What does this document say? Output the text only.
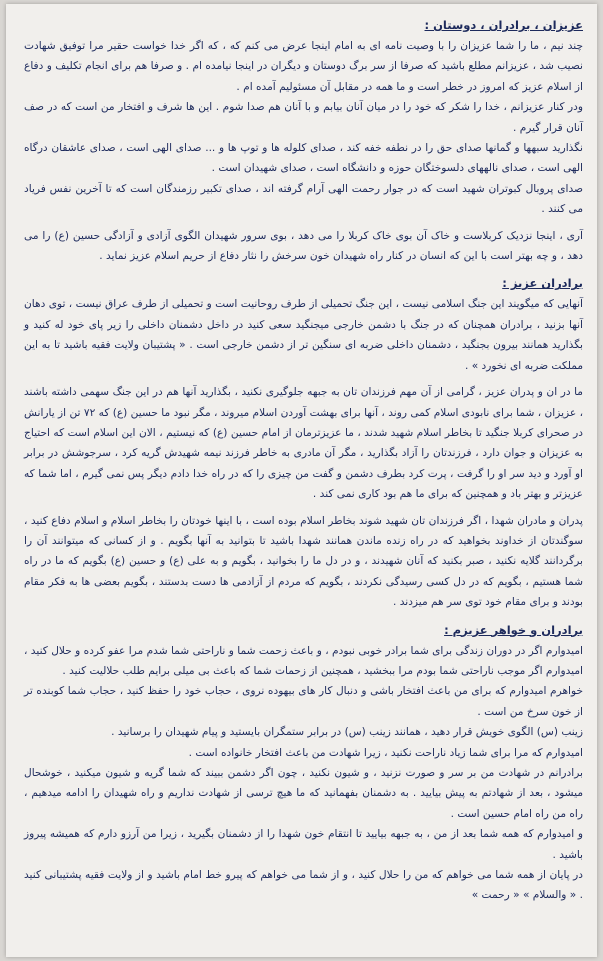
عزیزان ، برادران ، دوستان :

چند نیم ، ما را شما عزیزان را با وصیت نامه ای به امام اینجا عرض می کنم که ، که اگر خدا خواست حقیر مرا توفیق شهادت نصیب شد ، عزیزانم مطلع باشید که صرفا از سر برگ دوستان و دیگران در اینجا نیامده ام . و صرفا هم برای انجام تکلیف و دفاع از اسلام عزیز که امروز در خطر است و ما همه در مقابل آن مسئولیم آمده ام .

ودر کنار عزیزانم ، خدا را شکر که خود را در میان آنان بیابم و با آنان هم صدا شوم . این ها شرف و افتخار من است که در صف آنان قرار گیرم .

نگذارید سبهها و گمانها صدای حق را در نطفه خفه کند ، صدای کلوله ها و توپ ها و ... صدای الهی است ، صدای عاشقان درگاه الهی است ، صدای نالههای دلسوختگان حوزه و دانشگاه است ، صدای شهیدان است .

صدای پروبال کبوتران شهید است که در جوار رحمت الهی آرام گرفته اند ، صدای تکبیر رزمندگان است که تا آخرین نفس فریاد می کنند .

آری ، اینجا نزدیک کربلاست و خاک آن بوی خاک کربلا را می دهد ، بوی سرور شهیدان الگوی آزادی و آزادگی حسین (ع) را می دهد ، و چه بهتر است با این که انسان در کنار راه شهیدان خون سرخش را نثار دفاع از حریم اسلام عزیز نماید .

برادران عزیز :

آنهایی که میگویند این جنگ اسلامی نیست ، این جنگ تحمیلی از طرف روحانیت است و تحمیلی از طرف عراق نیست ، توی دهان آنها بزنید ، برادران همچنان که در جنگ با دشمن خارجی میجنگید سعی کنید در داخل دشمنان داخلی را زیر پای خود له کنید و بگذارید همانند بیرون بجنگید ، دشمنان داخلی ضربه ای سنگین تر از دشمن خارجی است . « پشتیبان ولایت فقیه باشید تا به این مملکت ضربه ای نخورد » .

ما در ان و پدران عزیز ، گرامی از آن مهم فرزندان تان به جبهه جلوگیری نکنید ، بگذارید آنها هم در این جنگ سهمی داشته باشند ، عزیزان ، شما برای نابودی اسلام کمی روند ، آنها برای بهشت آوردن اسلام میروند ، مگر نبود ما حسین (ع) که ۷۲ تن از یارانش در صحرای کربلا جنگید تا بخاطر اسلام شهید شدند ، ما عزیزترمان از امام حسین (ع) که نیستیم ، الان این اسلام است که احتیاج به عزیزان و جوان دارد ، فرزندتان را آزاد بگذارید ، مگر آن مادری به خاطر فرزند نیمه شهیدش گریه کرد ، سرجوشش در برابر او آورد و دید سر او را گرفت ، پرت کرد بطرف دشمن و گفت من چیزی را که در راه خدا دادم دیگر پس نمی گیرم ، اما شما که عزیزتر و بهتر باد و همچنین که برای ما هم بود کاری نمی کند .

پدران و مادران شهدا ، اگر فرزندان تان شهید شوند بخاطر اسلام بوده است ، با اینها خودتان را بخاطر اسلام و اسلام دفاع کنید ، سوگندتان از خداوند بخواهید که در راه زنده ماندن همانند شهدا باشید تا بتوانید به آنها بگویم . و از کسانی که میتوانند آن را برگردانند گلایه نکنید ، صبر بکنید که آنان شهیدند ، و در دل ما را بخوانید ، بگویم و به علی (ع) و حسین (ع) بگویم که ما در راه شما هستیم ، بگویم که در دل کسی رسیدگی نکردند ، بگویم که مردم از آزادمی ها دست بدستند ، بگویم بعضی ها به فکر مقام بودند و برای مقام خود توی سر هم میزدند .

برادران و خواهر عزیزم :

امیدوارم اگر در دوران زندگی برای شما برادر خوبی نبودم ، و باعث زحمت شما و ناراحتی شما شدم مرا عفو کرده و حلال کنید ، امیدوارم اگر موجب ناراحتی شما بودم مرا ببخشید ، همچنین از زحمات شما که باعث بی میلی برایم طلب حلالیت کنید .

خواهرم امیدوارم که برای من باعث افتخار باشی و دنبال کار های بیهوده نروی ، حجاب خود را حفظ کنید ، حجاب شما کوبنده تر از خون سرخ من است .

زینب (س) الگوی خویش قرار دهید ، همانند زینب (س) در برابر ستمگران بایستید و پیام شهیدان را برسانید .

امیدوارم که مرا برای شما زیاد ناراحت نکنید ، زیرا شهادت من باعث افتخار خانواده است .

برادرانم در شهادت من بر سر و صورت نزنید ، و شیون نکنید ، چون اگر دشمن ببیند که شما گریه و شیون میکنید ، خوشحال میشود ، بعد از شهادتم به پیش بیایید . به دشمنان بفهمانید که ما هیچ ترسی از شهادت نداریم و راه شهیدان را ادامه میدهیم ، راه من راه امام حسین است .

و امیدوارم که همه شما بعد از من ، به جبهه بیایید تا انتقام خون شهدا را از دشمنان بگیرید ، زیرا من آرزو دارم که همیشه پیروز باشید .

در پایان از همه شما می خواهم که من را حلال کنید ، و از شما می خواهم که پیرو خط امام باشید و از ولایت فقیه پشتیبانی کنید . « والسلام » « رحمت »
